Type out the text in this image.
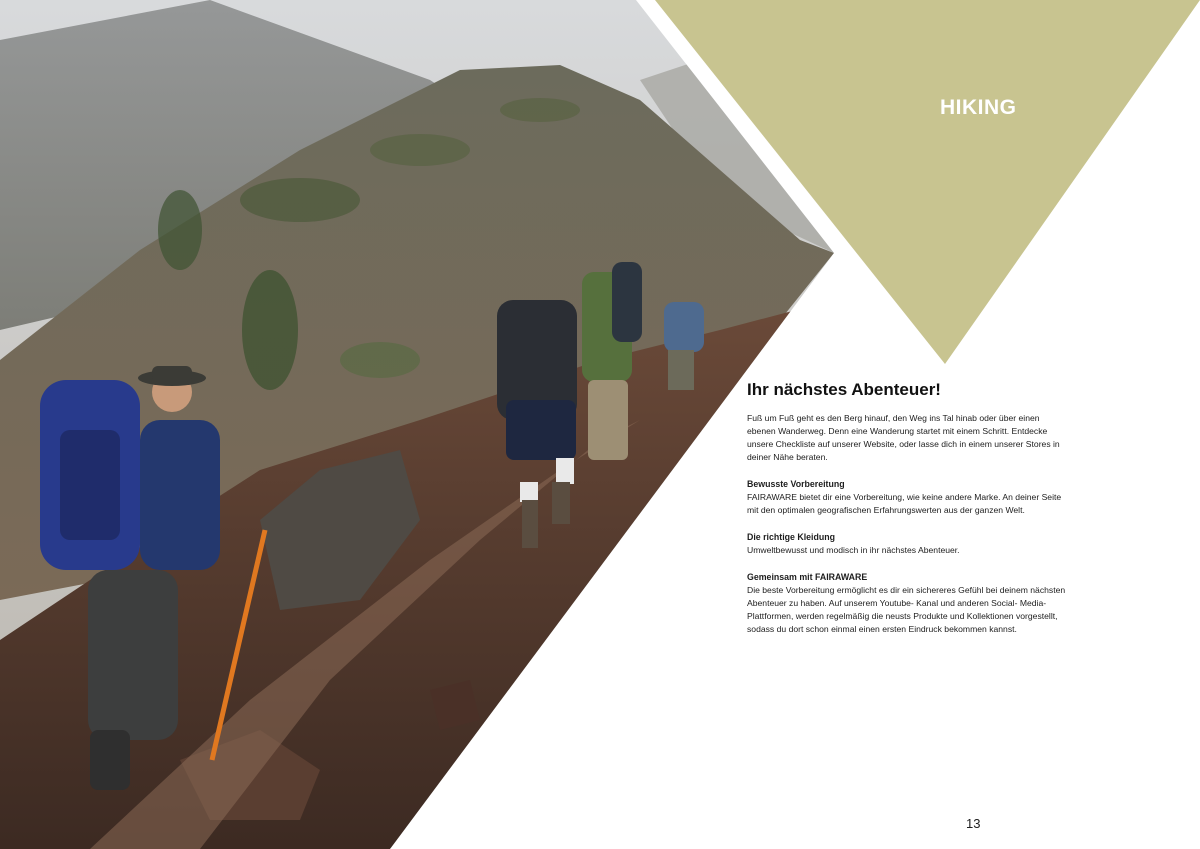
HIKING
Ihr nächstes Abenteuer!

Fuß um Fuß geht es den Berg hinauf, den Weg ins Tal hinab oder über einen ebenen Wanderweg. Denn eine Wanderung startet mit einem Schritt. Entdecke unsere Checkliste auf unserer Website, oder lasse dich in einem unserer Stores in deiner Nähe beraten.

Bewusste Vorbereitung
FAIRAWARE bietet dir eine Vorbereitung, wie keine andere Marke. An deiner Seite mit den optimalen geografischen Erfahrungswerten aus der ganzen Welt.

Die richtige Kleidung
Umweltbewusst und modisch in ihr nächstes Abenteuer.

Gemeinsam mit FAIRAWARE
Die beste Vorbereitung ermöglicht es dir ein sichereres Gefühl bei deinem nächsten Abenteuer zu haben. Auf unserem Youtube- Kanal und anderen Social- Media- Plattformen, werden regelmäßig die neusts Produkte und Kollektionen vorgestellt, sodass du dort schon einmal einen ersten Eindruck bekommen kannst.

13
